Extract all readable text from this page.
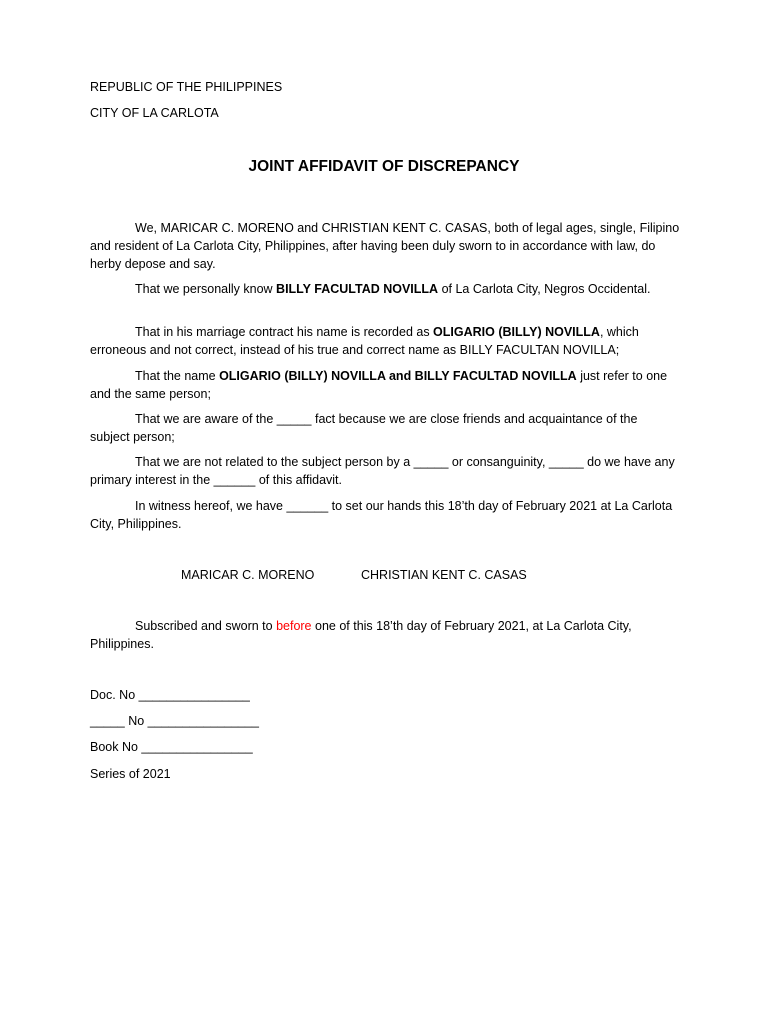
REPUBLIC OF THE PHILIPPINES
CITY OF LA CARLOTA
JOINT AFFIDAVIT OF DISCREPANCY
We, MARICAR C. MORENO and CHRISTIAN KENT C. CASAS, both of legal ages, single, Filipino and resident of La Carlota City, Philippines, after having been duly sworn to in accordance with law, do herby depose and say.
That we personally know BILLY FACULTAD NOVILLA of La Carlota City, Negros Occidental.
That in his marriage contract his name is recorded as OLIGARIO (BILLY) NOVILLA, which erroneous and not correct, instead of his true and correct name as BILLY FACULTAN NOVILLA;
That the name OLIGARIO (BILLY) NOVILLA and BILLY FACULTAD NOVILLA just refer to one and the same person;
That we are aware of the _____ fact because we are close friends and acquaintance of the subject person;
That we are not related to the subject person by a _____ or consanguinity, _____ do we have any primary interest in the ______ of this affidavit.
In witness hereof, we have ______ to set our hands this 18’th day of February 2021 at La Carlota City, Philippines.
MARICAR C. MORENO	CHRISTIAN KENT C. CASAS
Subscribed and sworn to before one of this 18’th day of February 2021, at La Carlota City, Philippines.
Doc. No ________________
_____ No ________________
Book No ________________
Series of 2021
